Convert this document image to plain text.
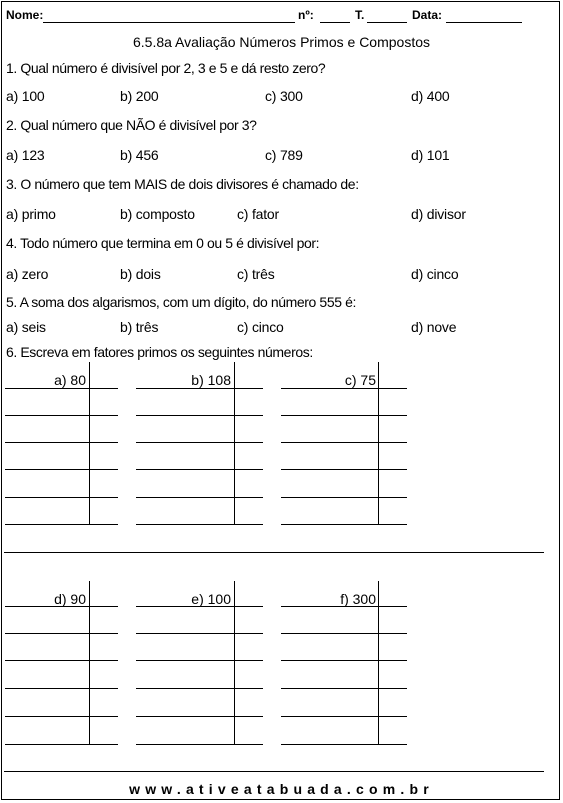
Nome:	nº:	T.	Data:
6.5.8a Avaliação Números Primos e Compostos
1. Qual número é divisível por 2, 3 e 5 e dá resto zero?
a) 100	b) 200	c) 300	d) 400
2. Qual número que NÃO é divisível por 3?
a) 123	b) 456	c) 789	d) 101
3. O número que tem MAIS de dois divisores é chamado de:
a) primo	b) composto	c) fator	d) divisor
4. Todo número que termina em 0 ou 5 é divisível por:
a) zero	b) dois	c) três	d) cinco
5. A soma dos algarismos, com um dígito, do número 555 é:
a) seis	b) três	c) cinco	d) nove
6. Escreva em fatores primos os seguintes números:
a) 80	b) 108	c) 75
d) 90	e) 100	f) 300
www.ativeatabuada.com.br
